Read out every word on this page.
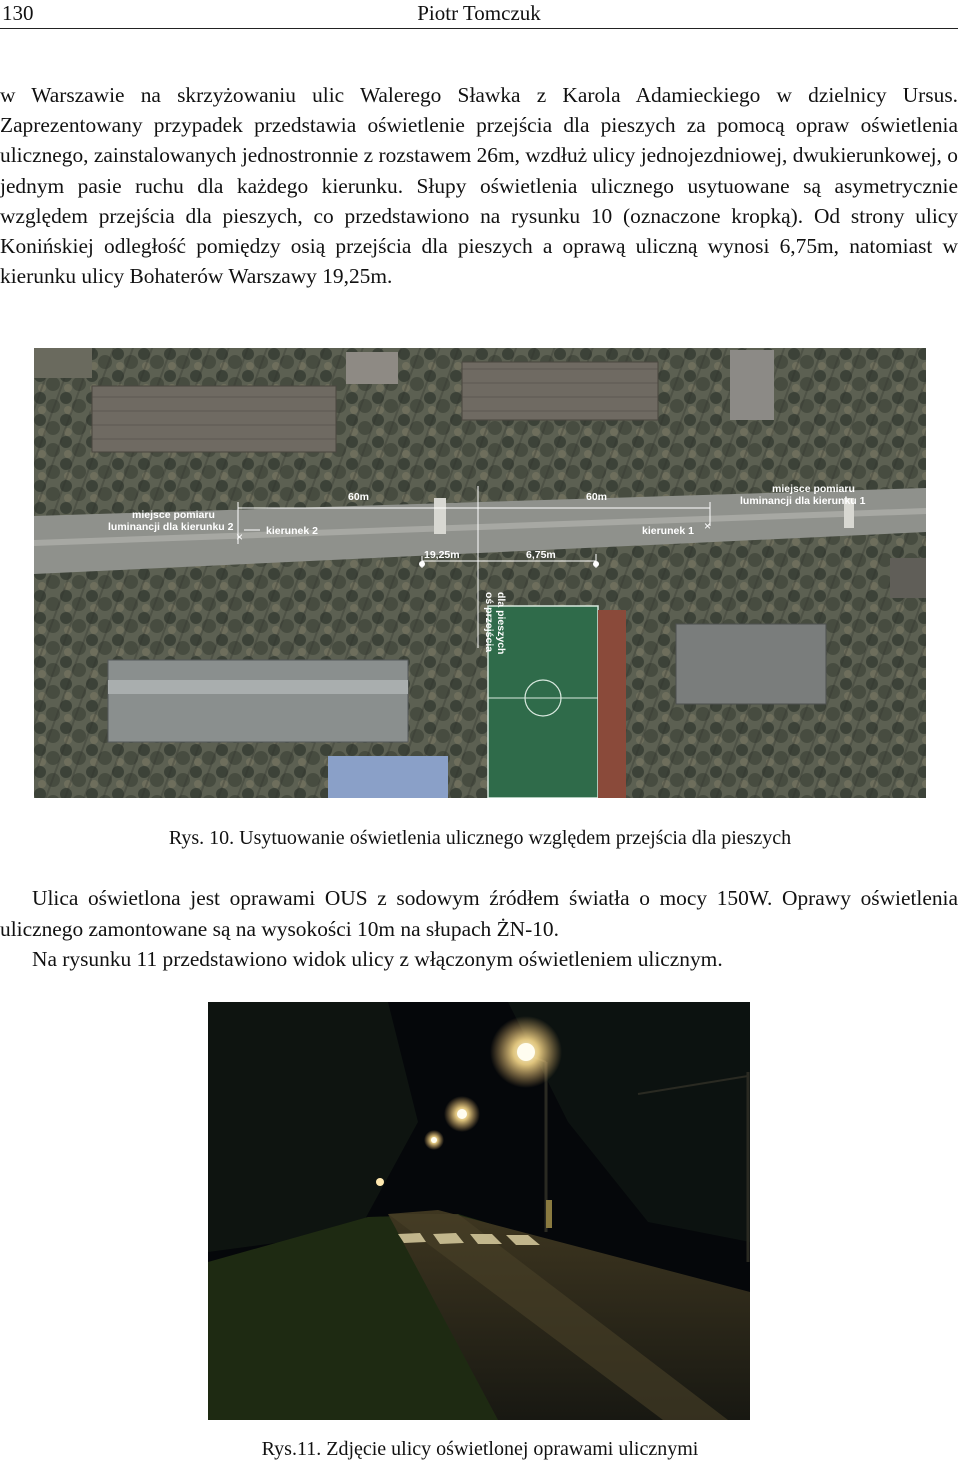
130	Piotr Tomczuk

w Warszawie na skrzyżowaniu ulic Walerego Sławka z Karola Adamieckiego w dzielnicy Ursus. Zaprezentowany przypadek przedstawia oświetlenie przejścia dla pieszych za pomocą opraw oświetlenia ulicznego, zainstalowanych jednostronnie z rozstawem 26m, wzdłuż ulicy jednojezdniowej, dwukierunkowej, o jednym pasie ruchu dla każdego kierunku. Słupy oświetlenia ulicznego usytuowane są asymetrycznie względem przejścia dla pieszych, co przedstawiono na rysunku 10 (oznaczone kropką). Od strony ulicy Konińskiej odległość pomiędzy osią przejścia dla pieszych a oprawą uliczną wynosi 6,75m, natomiast w kierunku ulicy Bohaterów Warszawy 19,25m.

×
×
miejsce pomiaru
luminancji dla kierunku 2	kierunek 2
60m	60m
miejsce pomiaru
luminancji dla kierunku 1
kierunek 1
19,25m	6,75m
oś przejścia dla pieszych

Rys. 10. Usytuowanie oświetlenia ulicznego względem przejścia dla pieszych

Ulica oświetlona jest oprawami OUS z sodowym źródłem światła o mocy 150W. Oprawy oświetlenia ulicznego zamontowane są na wysokości 10m na słupach ŻN-10.

Na rysunku 11 przedstawiono widok ulicy z włączonym oświetleniem ulicznym.

Rys.11. Zdjęcie ulicy oświetlonej oprawami ulicznymi
